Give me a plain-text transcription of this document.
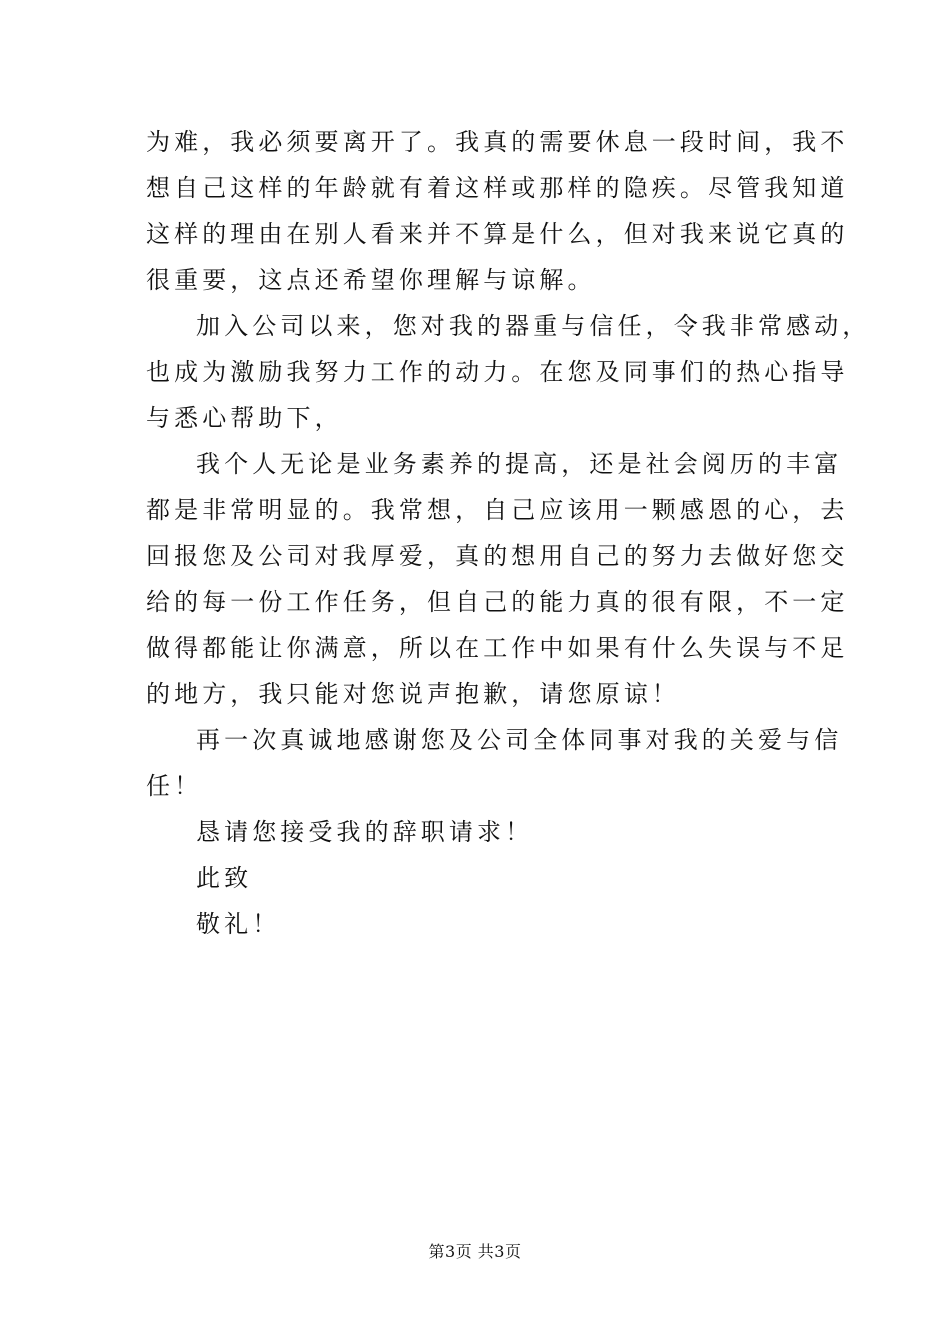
为难，我必须要离开了。我真的需要休息一段时间，我不
想自己这样的年龄就有着这样或那样的隐疾。尽管我知道
这样的理由在别人看来并不算是什么，但对我来说它真的
很重要，这点还希望你理解与谅解。
加入公司以来，您对我的器重与信任，令我非常感动，
也成为激励我努力工作的动力。在您及同事们的热心指导
与悉心帮助下，
我个人无论是业务素养的提高，还是社会阅历的丰富
都是非常明显的。我常想，自己应该用一颗感恩的心，去
回报您及公司对我厚爱，真的想用自己的努力去做好您交
给的每一份工作任务，但自己的能力真的很有限，不一定
做得都能让你满意，所以在工作中如果有什么失误与不足
的地方，我只能对您说声抱歉，请您原谅！
再一次真诚地感谢您及公司全体同事对我的关爱与信
任！
恳请您接受我的辞职请求！
此致
敬礼！
第3页 共3页
